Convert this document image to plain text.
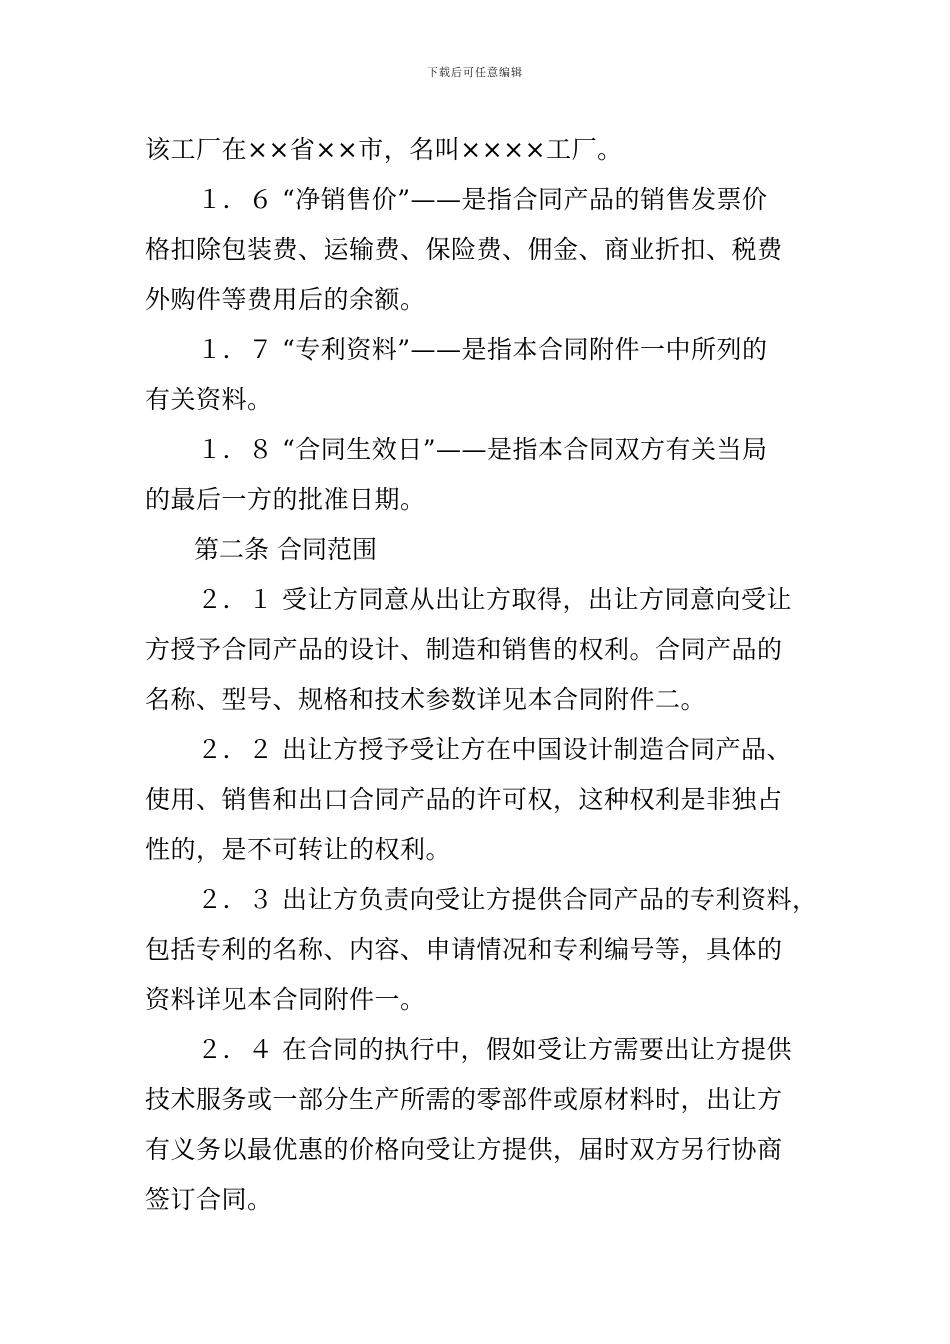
下载后可任意编辑
该工厂在××省××市，名叫××××工厂。
１．６ “净销售价”——是指合同产品的销售发票价
格扣除包装费、运输费、保险费、佣金、商业折扣、税费
外购件等费用后的余额。
１．７ “专利资料”——是指本合同附件一中所列的
有关资料。
１．８ “合同生效日”——是指本合同双方有关当局
的最后一方的批准日期。
第二条 合同范围
２．１ 受让方同意从出让方取得，出让方同意向受让
方授予合同产品的设计、制造和销售的权利。合同产品的
名称、型号、规格和技术参数详见本合同附件二。
２．２ 出让方授予受让方在中国设计制造合同产品、
使用、销售和出口合同产品的许可权，这种权利是非独占
性的，是不可转让的权利。
２．３ 出让方负责向受让方提供合同产品的专利资料，
包括专利的名称、内容、申请情况和专利编号等，具体的
资料详见本合同附件一。
２．４ 在合同的执行中，假如受让方需要出让方提供
技术服务或一部分生产所需的零部件或原材料时，出让方
有义务以最优惠的价格向受让方提供，届时双方另行协商
签订合同。
